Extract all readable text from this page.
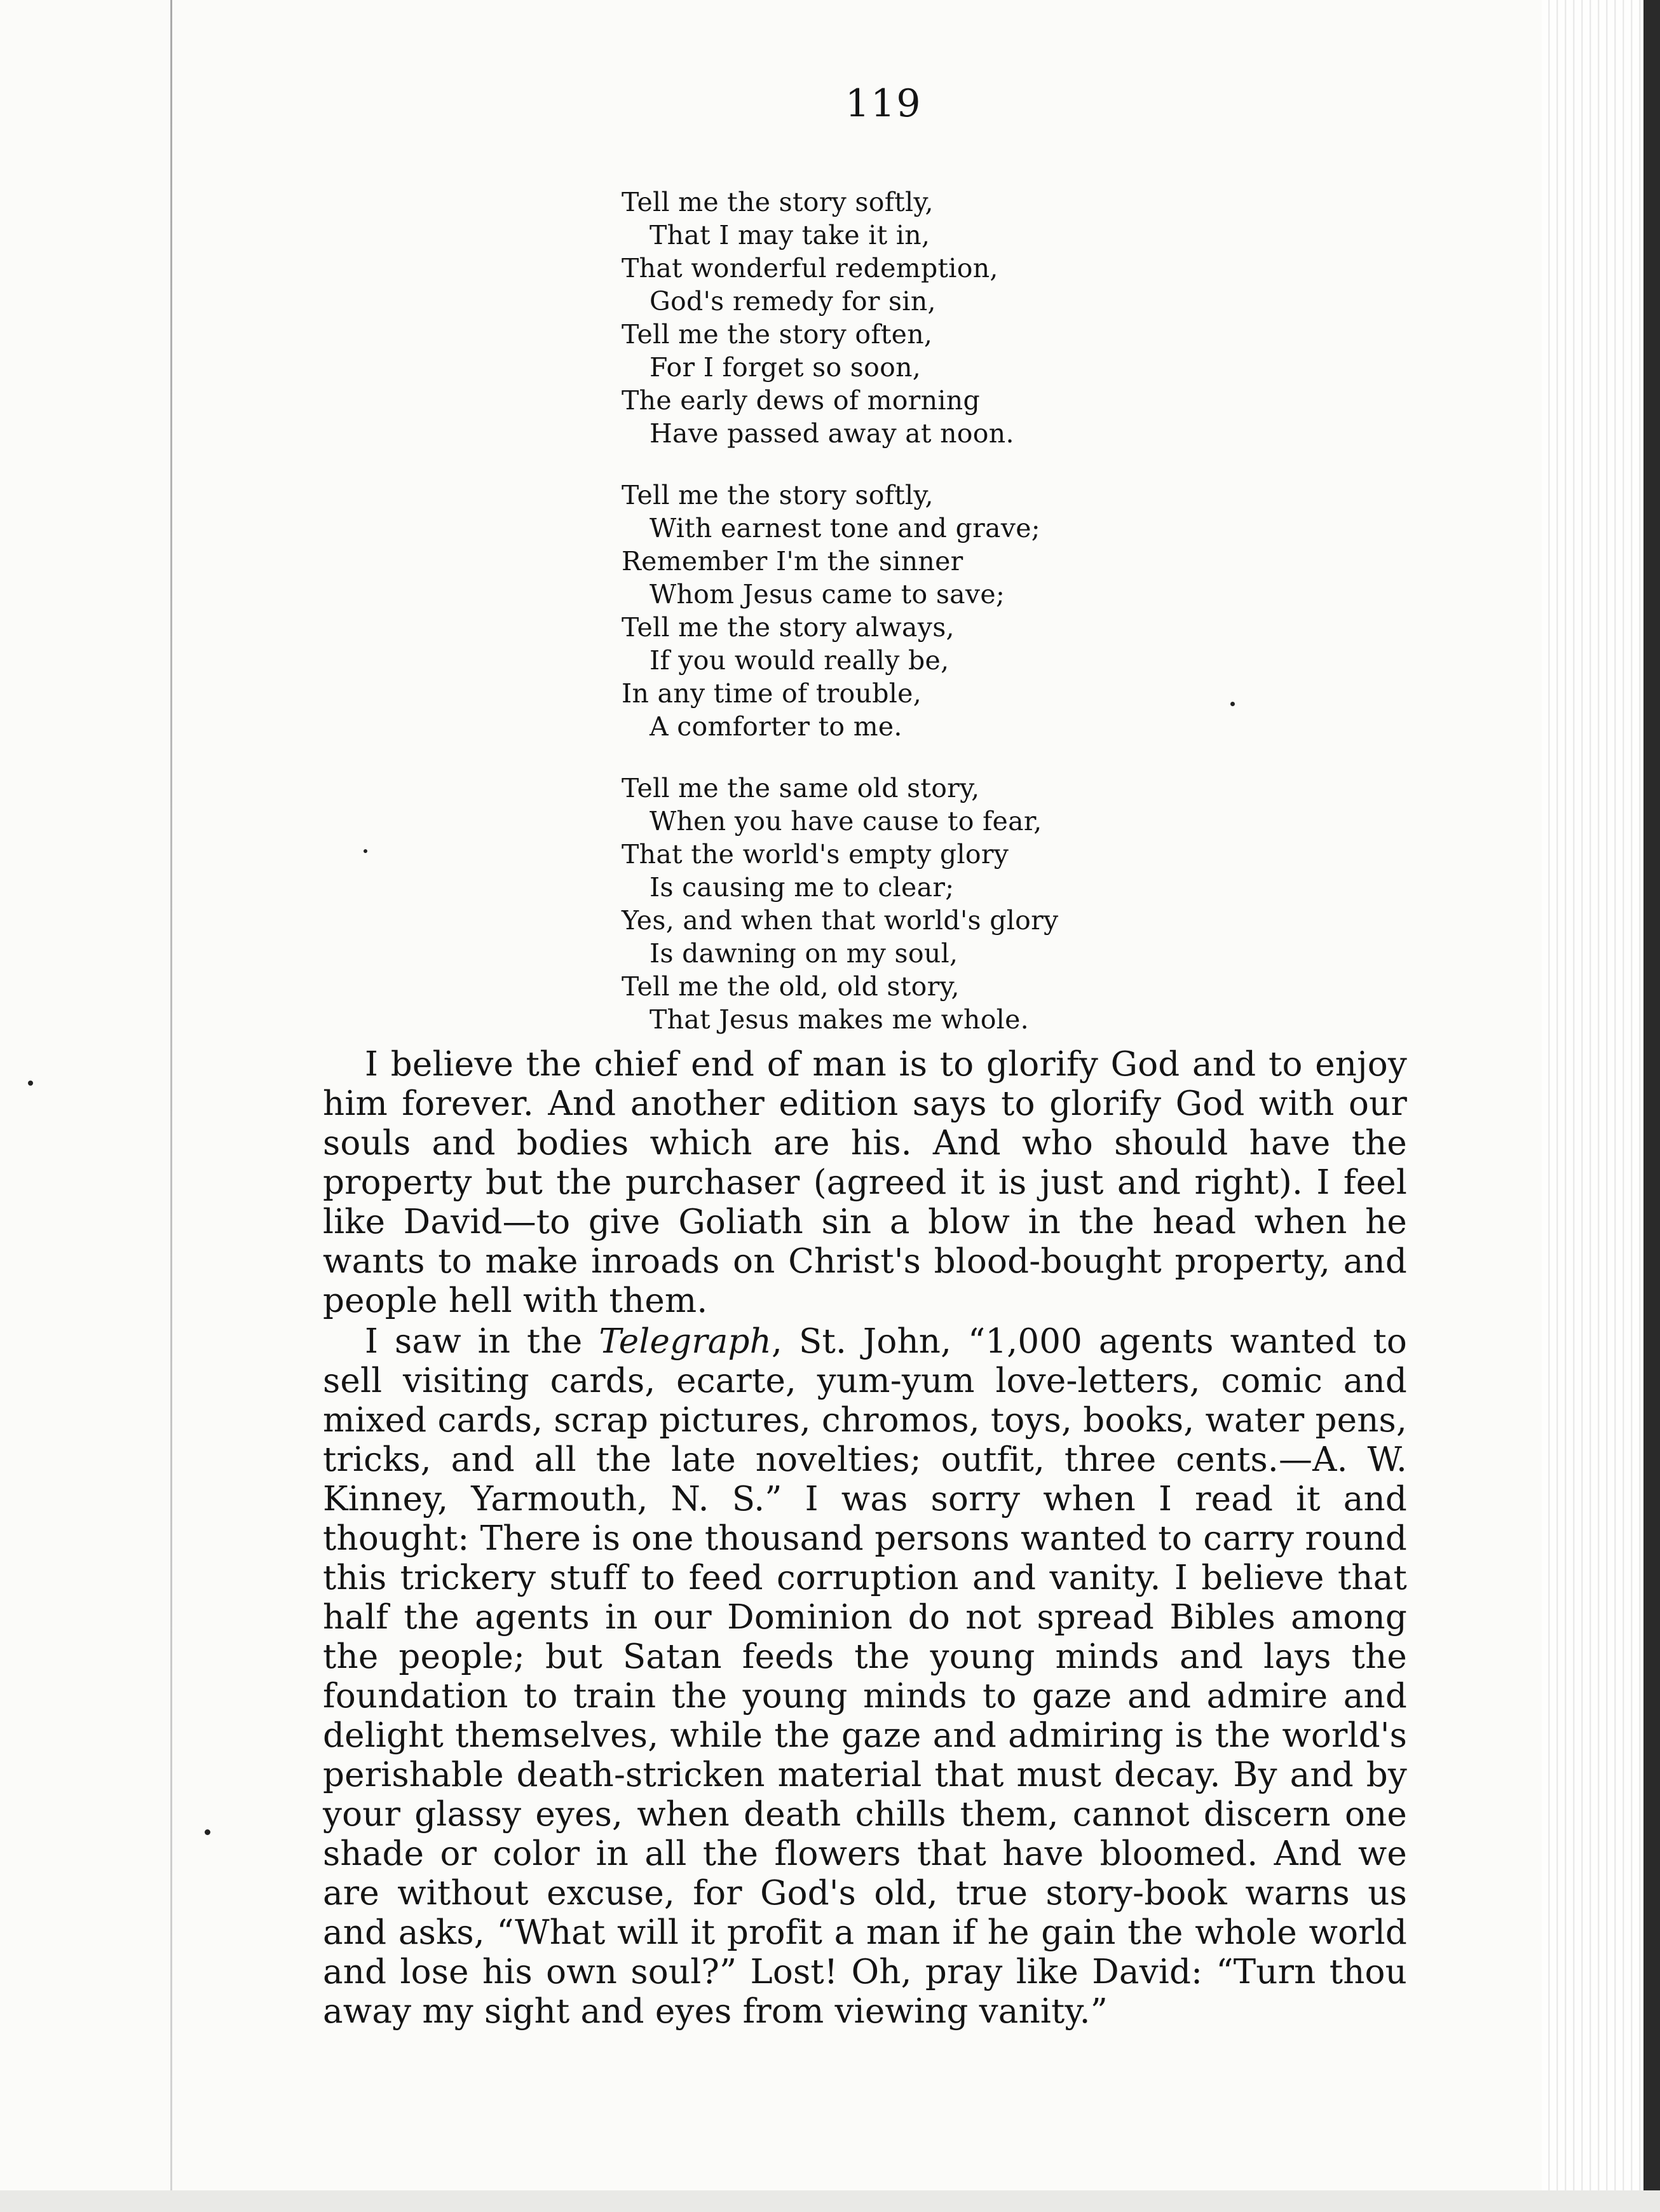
119
Tell me the story softly,
That I may take it in,
That wonderful redemption,
God's remedy for sin,
Tell me the story often,
For I forget so soon,
The early dews of morning
Have passed away at noon.
Tell me the story softly,
With earnest tone and grave;
Remember I'm the sinner
Whom Jesus came to save;
Tell me the story always,
If you would really be,
In any time of trouble,
A comforter to me.
Tell me the same old story,
When you have cause to fear,
That the world's empty glory
Is causing me to clear;
Yes, and when that world's glory
Is dawning on my soul,
Tell me the old, old story,
That Jesus makes me whole.

I believe the chief end of man is to glorify God and to enjoy him forever. And another edition says to glorify God with our souls and bodies which are his. And who should have the property but the purchaser (agreed it is just and right). I feel like David—to give Goliath sin a blow in the head when he wants to make inroads on Christ's blood-bought property, and people hell with them.

I saw in the Telegraph, St. John, “1,000 agents wanted to sell visiting cards, ecarte, yum-yum love-letters, comic and mixed cards, scrap pictures, chromos, toys, books, water pens, tricks, and all the late novelties; outfit, three cents.—A. W. Kinney, Yarmouth, N. S.” I was sorry when I read it and thought: There is one thousand persons wanted to carry round this trickery stuff to feed corruption and vanity. I believe that half the agents in our Dominion do not spread Bibles among the people; but Satan feeds the young minds and lays the foundation to train the young minds to gaze and admire and delight themselves, while the gaze and admiring is the world's perishable death-stricken material that must decay. By and by your glassy eyes, when death chills them, cannot discern one shade or color in all the flowers that have bloomed. And we are without excuse, for God's old, true story-book warns us and asks, “What will it profit a man if he gain the whole world and lose his own soul?” Lost! Oh, pray like David: “Turn thou away my sight and eyes from viewing vanity.”
